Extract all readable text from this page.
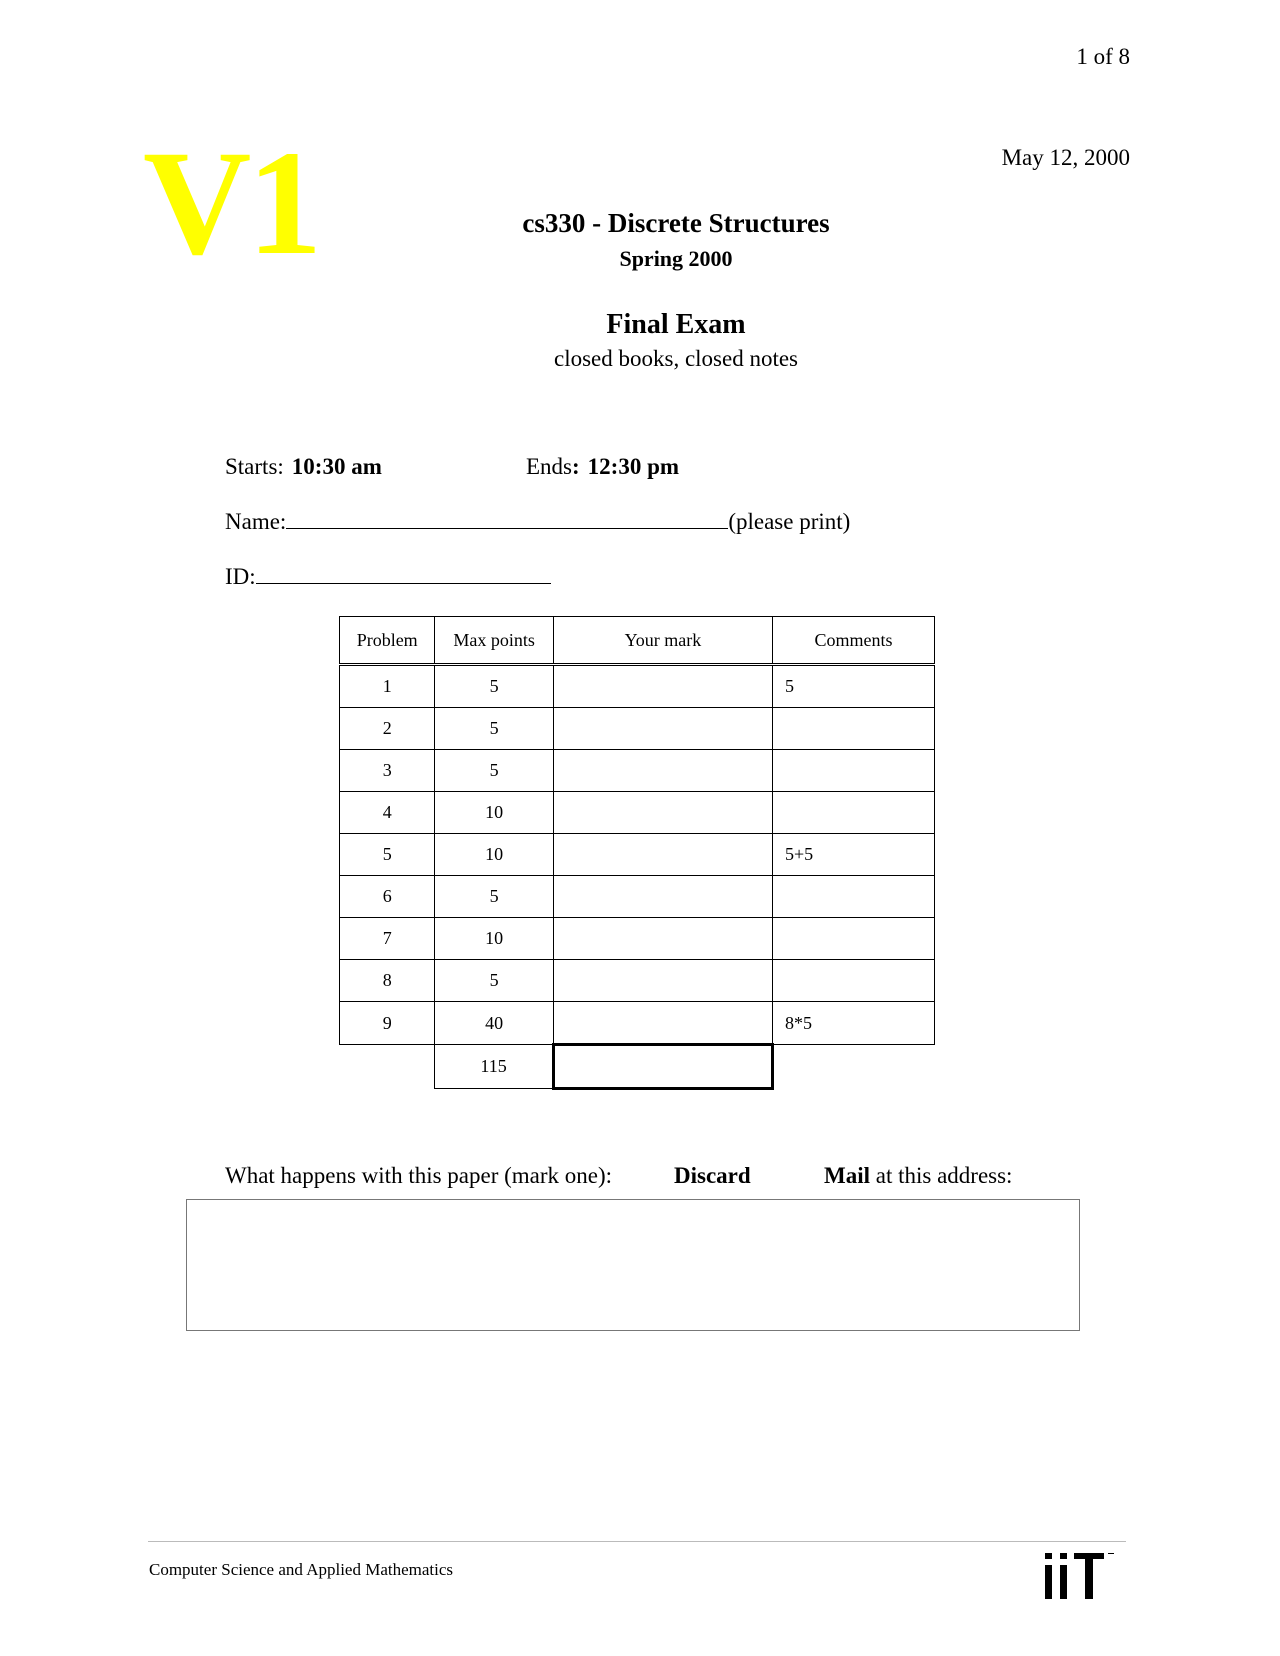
1 of 8
V1	May 12, 2000
cs330 - Discrete Structures
Spring 2000
Final Exam
closed books, closed notes
Starts: 10:30 am	Ends: 12:30 pm
Name:	(please print)
ID:
Problem	Max points	Your mark	Comments
1	5		5
2	5		
3	5		
4	10		
5	10		5+5
6	5		
7	10		
8	5		
9	40		8*5
	115		
What happens with this paper (mark one):	Discard	Mail at this address:
Computer Science and Applied Mathematics
